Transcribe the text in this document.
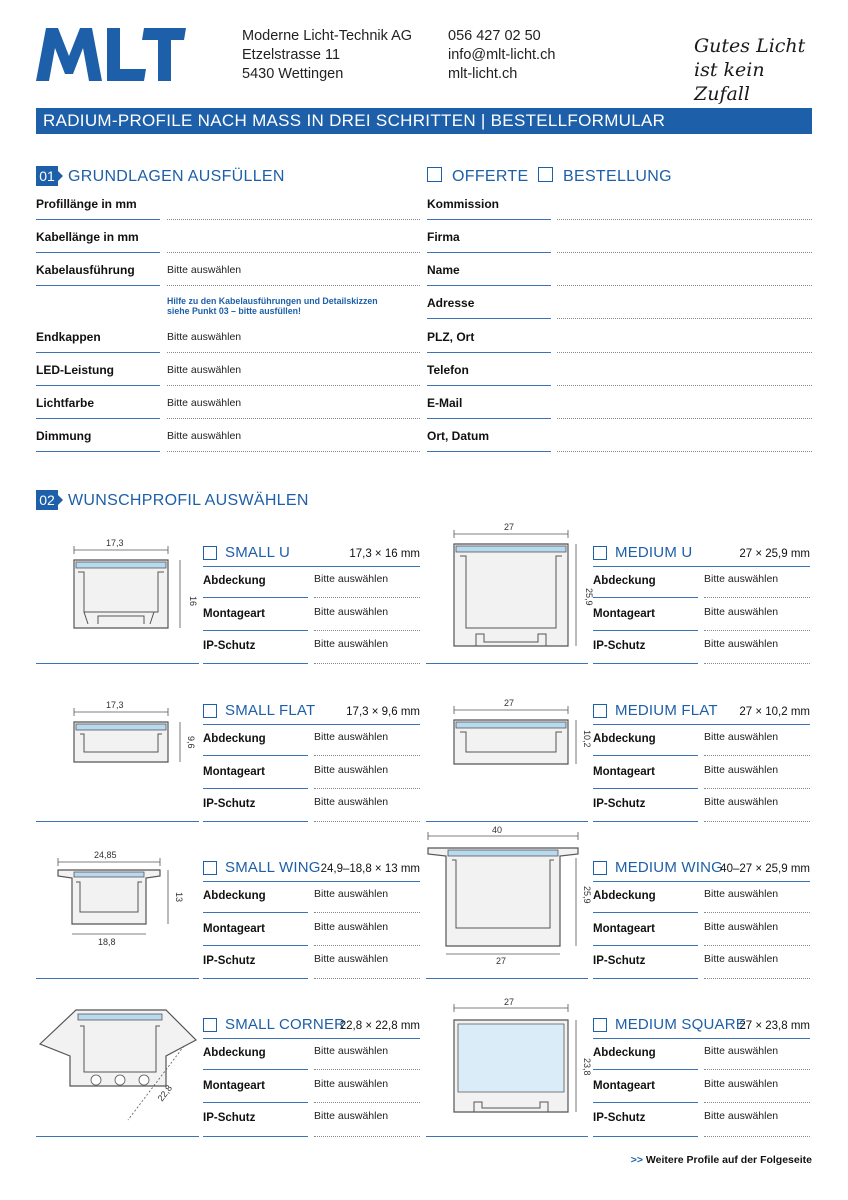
Moderne Licht-Technik AG
Etzelstrasse 11
5430 Wettingen
056 427 02 50
info@mlt-licht.ch
mlt-licht.ch
Gutes Licht
ist kein Zufall
RADIUM-PROFILE NACH MASS IN DREI SCHRITTEN | BESTELLFORMULAR
01 GRUNDLAGEN AUSFÜLLEN	OFFERTE BESTELLUNG
Profillänge in mm
Kabellänge in mm
Kabelausführung	Bitte auswählen
Endkappen	Bitte auswählen
LED-Leistung	Bitte auswählen
Lichtfarbe	Bitte auswählen
Dimmung	Bitte auswählen
Kommission
Firma
Name
Adresse
PLZ, Ort
Telefon
E-Mail
Ort, Datum
Hilfe zu den Kabelausführungen und Detailskizzen
siehe Punkt 03 – bitte ausfüllen!
02 WUNSCHPROFIL AUSWÄHLEN
SMALL U	17,3 × 16 mm
Abdeckung	Bitte auswählen
Montageart	Bitte auswählen
IP-Schutz	Bitte auswählen
MEDIUM U	27 × 25,9 mm
Abdeckung	Bitte auswählen
Montageart	Bitte auswählen
IP-Schutz	Bitte auswählen
SMALL FLAT	17,3 × 9,6 mm
Abdeckung	Bitte auswählen
Montageart	Bitte auswählen
IP-Schutz	Bitte auswählen
MEDIUM FLAT	27 × 10,2 mm
Abdeckung	Bitte auswählen
Montageart	Bitte auswählen
IP-Schutz	Bitte auswählen
SMALL WING 24,9–18,8 × 13 mm
Abdeckung	Bitte auswählen
Montageart	Bitte auswählen
IP-Schutz	Bitte auswählen
MEDIUM WING
40–27 × 25,9 mm
Abdeckung	Bitte auswählen
Montageart	Bitte auswählen
IP-Schutz	Bitte auswählen
SMALL CORNER
22,8 × 22,8 mm
Abdeckung	Bitte auswählen
Montageart	Bitte auswählen
IP-Schutz	Bitte auswählen
MEDIUM SQUARE
27 × 23,8 mm
Abdeckung	Bitte auswählen
Montageart	Bitte auswählen
IP-Schutz	Bitte auswählen
17,3
16
27
25,9
17,3
9,6
27
10,2
24,85
18,8
13
40
27
25,9
22,8
27
23,8
>> Weitere Profile auf der Folgeseite
